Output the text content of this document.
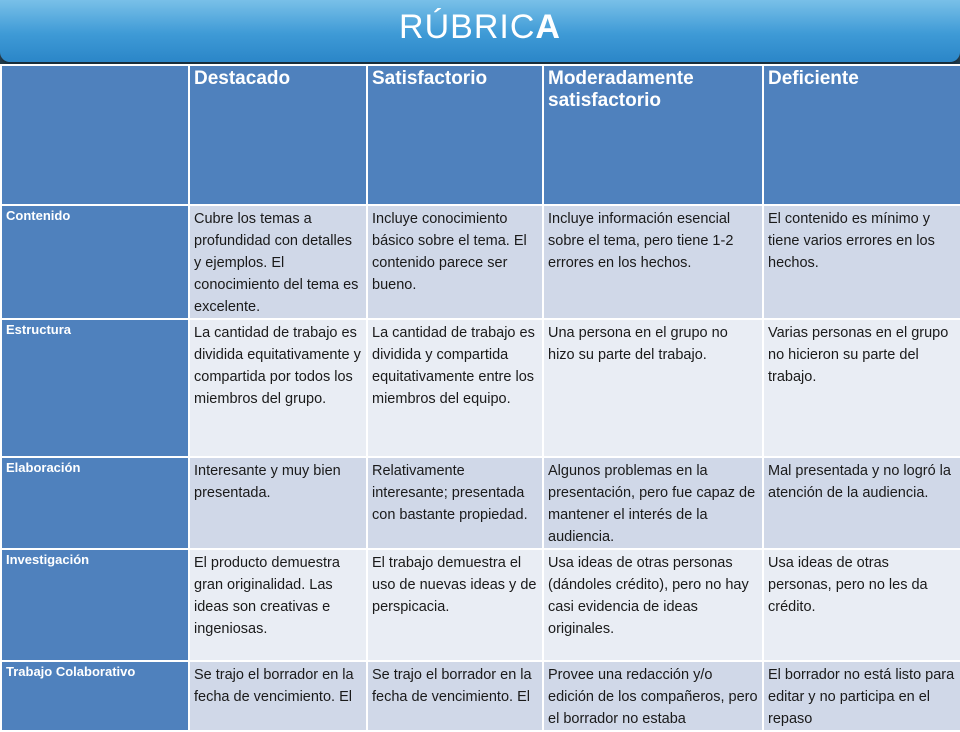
RÚBRICA
	Destacado	Satisfactorio	Moderadamente satisfactorio	Deficiente
Contenido	Cubre los temas a profundidad con detalles y ejemplos. El conocimiento del tema es excelente.	Incluye conocimiento básico sobre el tema. El contenido parece ser bueno.	Incluye información esencial sobre el tema, pero tiene 1-2 errores en los hechos.	El contenido es mínimo y tiene varios errores en los hechos.
Estructura	La cantidad de trabajo es dividida equitativamente y compartida por todos los miembros del grupo.	La cantidad de trabajo es dividida y compartida equitativamente entre los miembros del equipo.	Una persona en el grupo no hizo su parte del trabajo.	Varias personas en el grupo no hicieron su parte del trabajo.
Elaboración	Interesante y muy bien presentada.	Relativamente interesante; presentada con bastante propiedad.	Algunos problemas en la presentación, pero fue capaz de mantener el interés de la audiencia.	Mal presentada y no logró la atención de la audiencia.
Investigación	El producto demuestra gran originalidad. Las ideas son creativas e ingeniosas.	El trabajo demuestra el uso de nuevas ideas y de perspicacia.	Usa ideas de otras personas (dándoles crédito), pero no hay casi evidencia de ideas originales.	Usa ideas de otras personas, pero no les da crédito.
Trabajo Colaborativo	Se trajo el borrador en la fecha de vencimiento. El	Se trajo el borrador en la fecha de vencimiento. El	Provee una redacción y/o edición de los compañeros, pero el borrador no estaba	El borrador no está listo para editar y no participa en el repaso
